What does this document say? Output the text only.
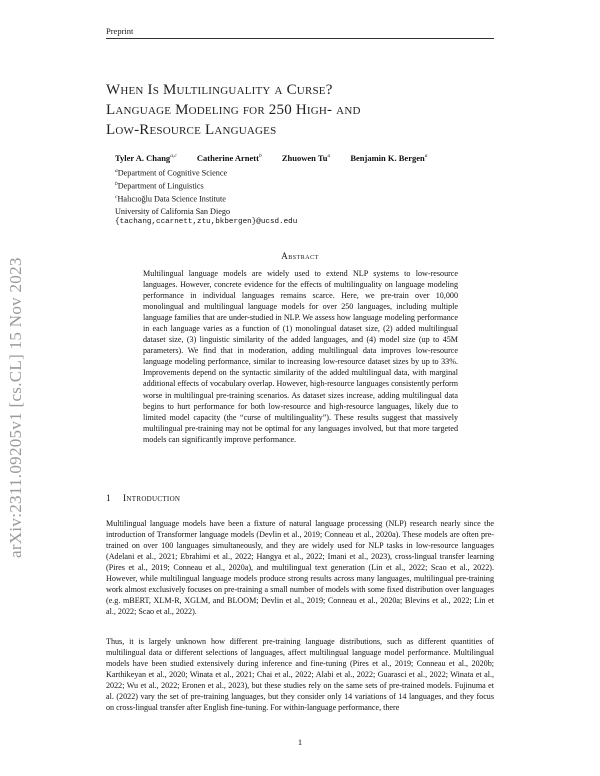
Preprint
arXiv:2311.09205v1 [cs.CL] 15 Nov 2023
When Is Multilinguality a Curse?
Language Modeling for 250 High- and
Low-Resource Languages
Tyler A. Chang$^{a,c}$ Catherine Arnett$^b$ Zhuowen Tu$^a$ Benjamin K. Bergen$^a$
$^a$Department of Cognitive Science
$^b$Department of Linguistics
$^c$Halıcıoğlu Data Science Institute
University of California San Diego
{tachang,ccarnett,ztu,bkbergen}@ucsd.edu
Abstract
Multilingual language models are widely used to extend NLP systems to low-resource languages. However, concrete evidence for the effects of multilinguality on language modeling performance in individual languages remains scarce. Here, we pre-train over 10,000 monolingual and multilingual language models for over 250 languages, including multiple language families that are under-studied in NLP. We assess how language modeling performance in each language varies as a function of (1) monolingual dataset size, (2) added multilingual dataset size, (3) linguistic similarity of the added languages, and (4) model size (up to 45M parameters). We find that in moderation, adding multilingual data improves low-resource language modeling performance, similar to increasing low-resource dataset sizes by up to 33%. Improvements depend on the syntactic similarity of the added multilingual data, with marginal additional effects of vocabulary overlap. However, high-resource languages consistently perform worse in multilingual pre-training scenarios. As dataset sizes increase, adding multilingual data begins to hurt performance for both low-resource and high-resource languages, likely due to limited model capacity (the “curse of multilinguality”). These results suggest that massively multilingual pre-training may not be optimal for any languages involved, but that more targeted models can significantly improve performance.
1 Introduction
Multilingual language models have been a fixture of natural language processing (NLP) research nearly since the introduction of Transformer language models (Devlin et al., 2019; Conneau et al., 2020a). These models are often pre-trained on over 100 languages simultaneously, and they are widely used for NLP tasks in low-resource languages (Adelani et al., 2021; Ebrahimi et al., 2022; Hangya et al., 2022; Imani et al., 2023), cross-lingual transfer learning (Pires et al., 2019; Conneau et al., 2020a), and multilingual text generation (Lin et al., 2022; Scao et al., 2022). However, while multilingual language models produce strong results across many languages, multilingual pre-training work almost exclusively focuses on pre-training a small number of models with some fixed distribution over languages (e.g. mBERT, XLM-R, XGLM, and BLOOM; Devlin et al., 2019; Conneau et al., 2020a; Blevins et al., 2022; Lin et al., 2022; Scao et al., 2022).
Thus, it is largely unknown how different pre-training language distributions, such as different quantities of multilingual data or different selections of languages, affect multilingual language model performance. Multilingual models have been studied extensively during inference and fine-tuning (Pires et al., 2019; Conneau et al., 2020b; Karthikeyan et al., 2020; Winata et al., 2021; Chai et al., 2022; Alabi et al., 2022; Guarasci et al., 2022; Winata et al., 2022; Wu et al., 2022; Eronen et al., 2023), but these studies rely on the same sets of pre-trained models. Fujinuma et al. (2022) vary the set of pre-training languages, but they consider only 14 variations of 14 languages, and they focus on cross-lingual transfer after English fine-tuning. For within-language performance, there
1
